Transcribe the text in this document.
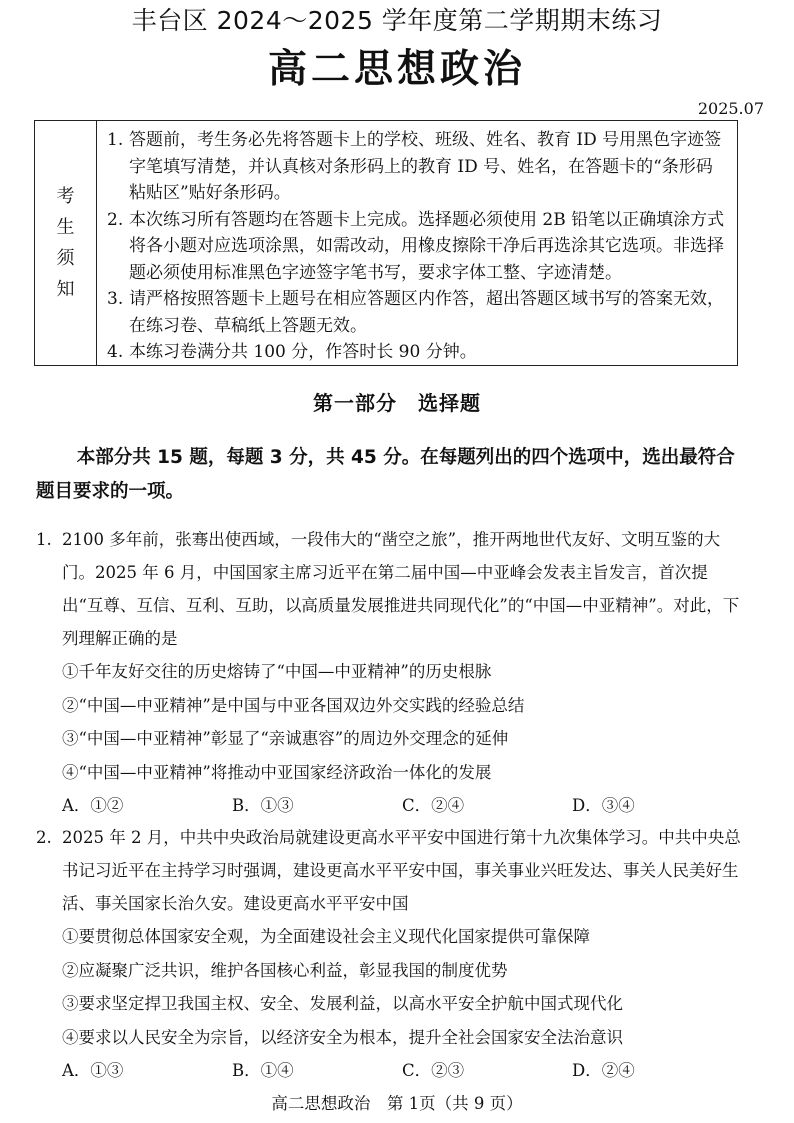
丰台区 2024～2025 学年度第二学期期末练习
高二思想政治
2025.07
考
生
须
知
1. 答题前，考生务必先将答题卡上的学校、班级、姓名、教育 ID 号用黑色字迹签字笔填写清楚，并认真核对条形码上的教育 ID 号、姓名，在答题卡的“条形码粘贴区”贴好条形码。
2. 本次练习所有答题均在答题卡上完成。选择题必须使用 2B 铅笔以正确填涂方式将各小题对应选项涂黑，如需改动，用橡皮擦除干净后再选涂其它选项。非选择题必须使用标准黑色字迹签字笔书写，要求字体工整、字迹清楚。
3. 请严格按照答题卡上题号在相应答题区内作答，超出答题区域书写的答案无效，在练习卷、草稿纸上答题无效。
4. 本练习卷满分共 100 分，作答时长 90 分钟。
第一部分　选择题
本部分共 15 题，每题 3 分，共 45 分。在每题列出的四个选项中，选出最符合题目要求的一项。
1. 2100 多年前，张骞出使西域，一段伟大的“凿空之旅”，推开两地世代友好、文明互鉴的大门。2025 年 6 月，中国国家主席习近平在第二届中国—中亚峰会发表主旨发言，首次提出“互尊、互信、互利、互助，以高质量发展推进共同现代化”的“中国—中亚精神”。对此，下列理解正确的是
①千年友好交往的历史熔铸了“中国—中亚精神”的历史根脉
②“中国—中亚精神”是中国与中亚各国双边外交实践的经验总结
③“中国—中亚精神”彰显了“亲诚惠容”的周边外交理念的延伸
④“中国—中亚精神”将推动中亚国家经济政治一体化的发展
A．①②	B．①③	C．②④	D．③④
2. 2025 年 2 月，中共中央政治局就建设更高水平平安中国进行第十九次集体学习。中共中央总书记习近平在主持学习时强调，建设更高水平平安中国，事关事业兴旺发达、事关人民美好生活、事关国家长治久安。建设更高水平平安中国
①要贯彻总体国家安全观，为全面建设社会主义现代化国家提供可靠保障
②应凝聚广泛共识，维护各国核心利益，彰显我国的制度优势
③要求坚定捍卫我国主权、安全、发展利益，以高水平安全护航中国式现代化
④要求以人民安全为宗旨，以经济安全为根本，提升全社会国家安全法治意识
A．①③	B．①④	C．②③	D．②④
高二思想政治　第 1页（共 9 页）
